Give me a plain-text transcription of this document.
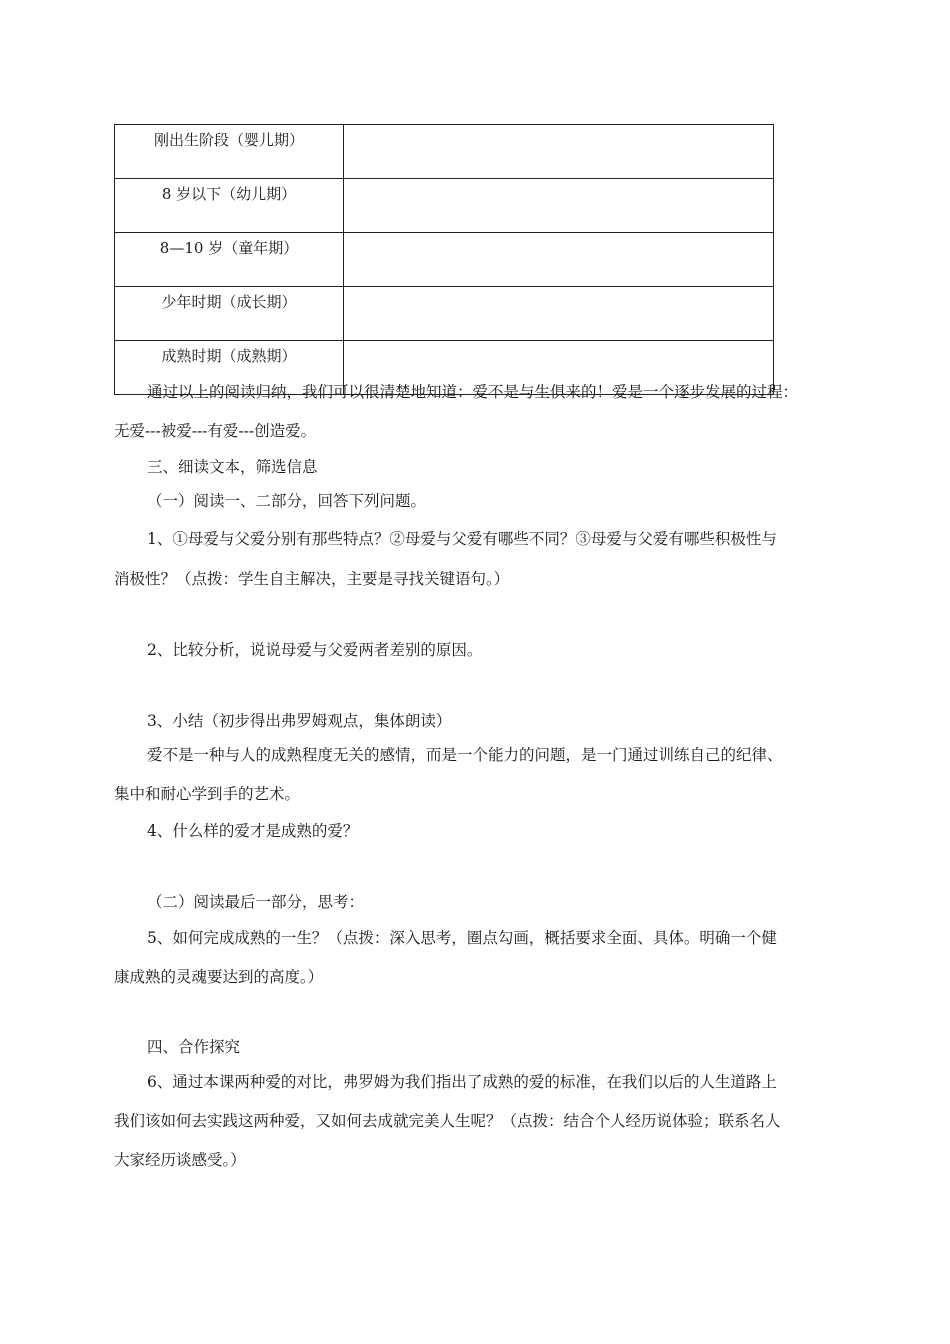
刚出生阶段（婴儿期）	
8 岁以下（幼儿期）	
8—10 岁（童年期）	
少年时期（成长期）	
成熟时期（成熟期）	
通过以上的阅读归纳，我们可以很清楚地知道：爱不是与生俱来的！爱是一个逐步发展的过程：
无爱---被爱---有爱---创造爱。
三、细读文本，筛选信息
（一）阅读一、二部分，回答下列问题。
1、①母爱与父爱分别有那些特点？②母爱与父爱有哪些不同？③母爱与父爱有哪些积极性与
消极性？（点拨：学生自主解决，主要是寻找关键语句。）
2、比较分析，说说母爱与父爱两者差别的原因。
3、小结（初步得出弗罗姆观点，集体朗读）
爱不是一种与人的成熟程度无关的感情，而是一个能力的问题，是一门通过训练自己的纪律、
集中和耐心学到手的艺术。
4、什么样的爱才是成熟的爱？
（二）阅读最后一部分，思考：
5、如何完成成熟的一生？（点拨：深入思考，圈点勾画，概括要求全面、具体。明确一个健
康成熟的灵魂要达到的高度。）
四、合作探究
6、通过本课两种爱的对比，弗罗姆为我们指出了成熟的爱的标准，在我们以后的人生道路上
我们该如何去实践这两种爱，又如何去成就完美人生呢？（点拨：结合个人经历说体验；联系名人
大家经历谈感受。）
